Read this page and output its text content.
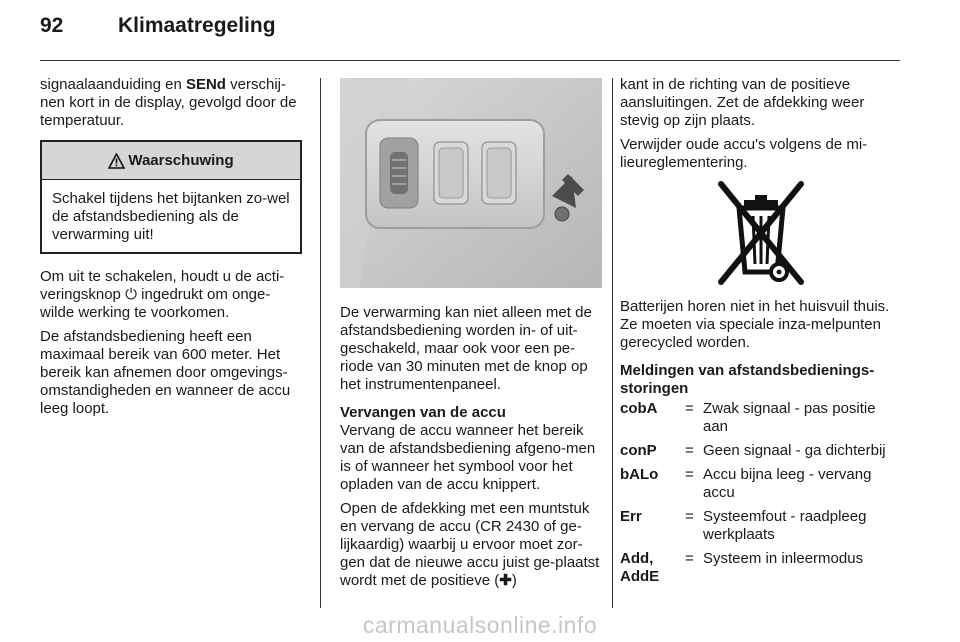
92	Klimaatregeling

signaalaanduiding en SENd verschij-nen kort in de display, gevolgd door de temperatuur.

Waarschuwing
Schakel tijdens het bijtanken zo-wel de afstandsbediening als de verwarming uit!

Om uit te schakelen, houdt u de acti-veringsknop ⏻ ingedrukt om onge-wilde werking te voorkomen.

De afstandsbediening heeft een maximaal bereik van 600 meter. Het bereik kan afnemen door omgevings-omstandigheden en wanneer de accu leeg loopt.

De verwarming kan niet alleen met de afstandsbediening worden in- of uit-geschakeld, maar ook voor een pe-riode van 30 minuten met de knop op het instrumentenpaneel.

Vervangen van de accu

Vervang de accu wanneer het bereik van de afstandsbediening afgeno-men is of wanneer het symbool voor het opladen van de accu knippert.

Open de afdekking met een muntstuk en vervang de accu (CR 2430 of ge-lijkaardig) waarbij u ervoor moet zor-gen dat de nieuwe accu juist ge-plaatst wordt met de positieve (✚)

kant in de richting van de positieve aansluitingen. Zet de afdekking weer stevig op zijn plaats.

Verwijder oude accu's volgens de mi-lieureglementering.

Batterijen horen niet in het huisvuil thuis. Ze moeten via speciale inza-melpunten gerecycled worden.

Meldingen van afstandsbedienings-storingen

cobA	=	Zwak signaal - pas positie aan
conP	=	Geen signaal - ga dichterbij
bALo	=	Accu bijna leeg - vervang accu
Err	=	Systeemfout - raadpleeg werkplaats
Add, AddE	=	Systeem in inleermodus
carmanualsonline.info
